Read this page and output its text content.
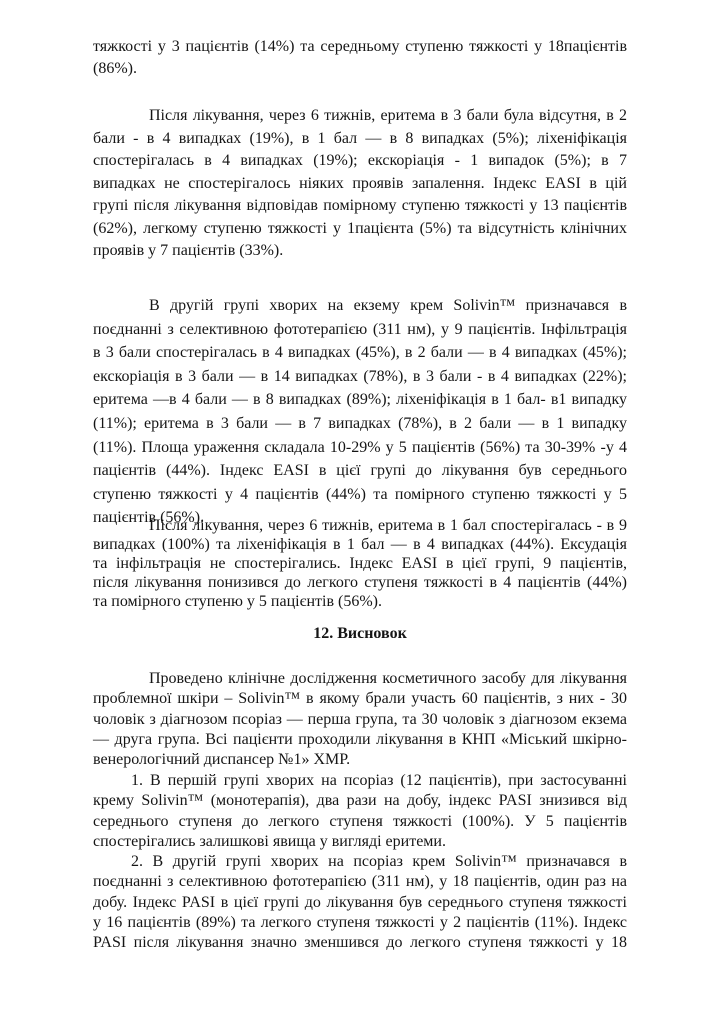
12. Висновок
тяжкості у 3 пацієнтів (14%) та середньому ступеню тяжкості у 18пацієнтів
(86%).
Після лікування, через 6 тижнів, еритема в 3 бали була відсутня, в 2
бали - в 4 випадках (19%), в 1 бал — в 8 випадках (5%); ліхеніфікація
спостерігалась в 4 випадках (19%); екскоріація - 1 випадок (5%); в 7
випадках не спостерігалось ніяких проявів запалення. Індекс EASI в цій
групі після лікування відповідав помірному ступеню тяжкості у 13 пацієнтів
(62%), легкому ступеню тяжкості у 1пацієнта (5%) та відсутність клінічних
проявів у 7 пацієнтів (33%).
В другій групі хворих на екзему крем Solivin™ призначався в
поєднанні з селективною фототерапією (311 нм), у 9 пацієнтів. Інфільтрація
в 3 бали спостерігалась в 4 випадках (45%), в 2 бали — в 4 випадках (45%);
екскоріація в 3 бали — в 14 випадках (78%), в 3 бали - в 4 випадках (22%);
еритема —в 4 бали — в 8 випадках (89%); ліхеніфікація в 1 бал- в1 випадку
(11%); еритема в 3 бали — в 7 випадках (78%), в 2 бали — в 1 випадку
(11%). Площа ураження складала 10-29% у 5 пацієнтів (56%) та 30-39% -у 4
пацієнтів (44%). Індекс EASI в цієї групі до лікування був середнього
ступеню тяжкості у 4 пацієнтів (44%) та помірного ступеню тяжкості у 5
пацієнтів (56%).
Після лікування, через 6 тижнів, еритема в 1 бал спостерігалась - в 9
випадках (100%) та ліхеніфікація в 1 бал — в 4 випадках (44%). Ексудація
та інфільтрація не спостерігались. Індекс EASI в цієї групі, 9 пацієнтів,
після лікування понизився до легкого ступеня тяжкості в 4 пацієнтів (44%)
та помірного ступеню у 5 пацієнтів (56%).
Проведено клінічне дослідження косметичного засобу для лікування
проблемної шкіри – Solivin™ в якому брали участь 60 пацієнтів, з них - 30
чоловік з діагнозом псоріаз — перша група, та 30 чоловік з діагнозом екзема
— друга група. Всі пацієнти проходили лікування в КНП «Міський шкірно-
венерологічний диспансер №1» ХМР.
1. В першій групі хворих на псоріаз (12 пацієнтів), при застосуванні
крему Solivin™ (монотерапія), два рази на добу, індекс PASI знизився від
середнього ступеня до легкого ступеня тяжкості (100%). У 5 пацієнтів
спостерігались залишкові явища у вигляді еритеми.
2. В другій групі хворих на псоріаз крем Solivin™ призначався в
поєднанні з селективною фототерапією (311 нм), у 18 пацієнтів, один раз на
добу. Індекс PASI в цієї групі до лікування був середнього ступеня тяжкості
у 16 пацієнтів (89%) та легкого ступеня тяжкості у 2 пацієнтів (11%). Індекс
PASI після лікування значно зменшився до легкого ступеня тяжкості у 18
